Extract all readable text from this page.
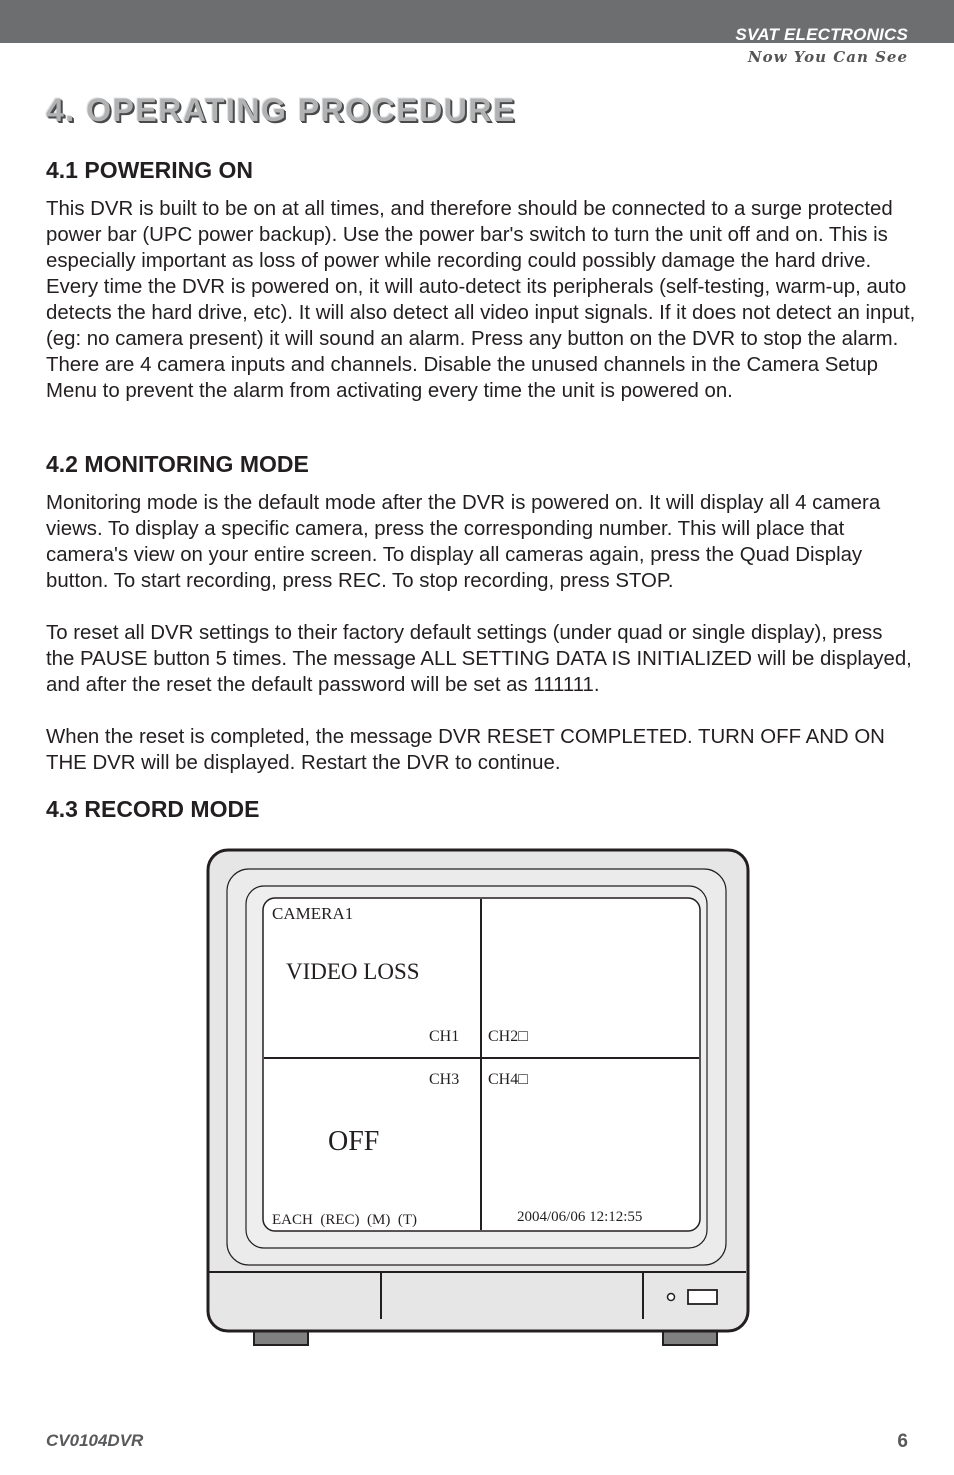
SVAT ELECTRONICS
Now You Can See
4. OPERATING PROCEDURE
4.1 POWERING ON

This DVR is built to be on at all times, and therefore should be connected to a surge protected power bar (UPC power backup). Use the power bar's switch to turn the unit off and on. This is especially important as loss of power while recording could possibly damage the hard drive. Every time the DVR is powered on, it will auto-detect its peripherals (self-testing, warm-up, auto detects the hard drive, etc). It will also detect all video input signals. If it does not detect an input, (eg: no camera present) it will sound an alarm. Press any button on the DVR to stop the alarm. There are 4 camera inputs and channels. Disable the unused channels in the Camera Setup Menu to prevent the alarm from activating every time the unit is powered on.

4.2 MONITORING MODE

Monitoring mode is the default mode after the DVR is powered on. It will display all 4 camera views. To display a specific camera, press the corresponding number. This will place that camera's view on your entire screen. To display all cameras again, press the Quad Display button. To start recording, press REC. To stop recording, press STOP.

To reset all DVR settings to their factory default settings (under quad or single display), press the PAUSE button 5 times. The message ALL SETTING DATA IS INITIALIZED will be displayed, and after the reset the default password will be set as 111111.

When the reset is completed, the message DVR RESET COMPLETED. TURN OFF AND ON THE DVR will be displayed. Restart the DVR to continue.

4.3 RECORD MODE
CAMERA1
VIDEO LOSS
CH1 CH2□
CH3 CH4□
OFF
EACH  (REC)  (M)  (T)	2004/06/06 12:12:55
CV0104DVR	6
